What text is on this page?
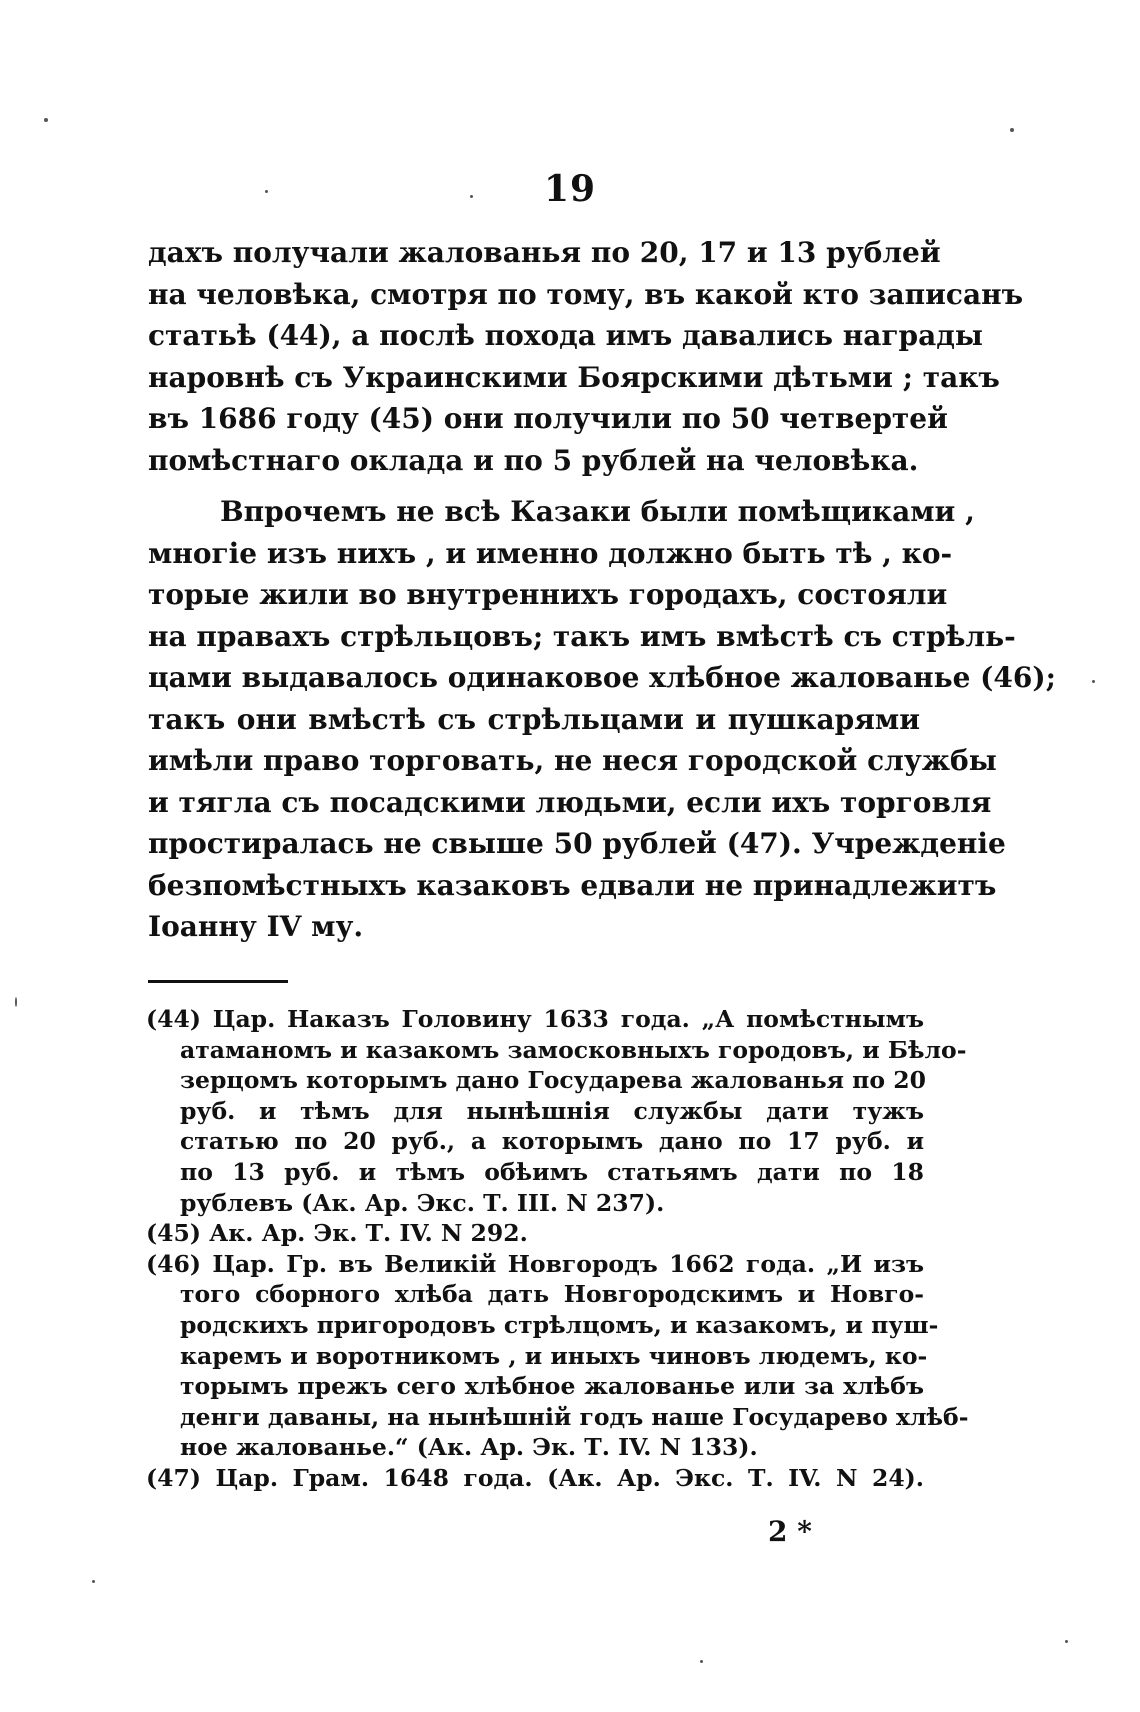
19
дахъ получали жалованья по 20, 17 и 13 рублей
на человѣка, смотря по тому, въ какой кто записанъ
статьѣ (44), а послѣ похода имъ давались награды
наровнѣ съ Украинскими Боярскими дѣтьми ; такъ
въ 1686 году (45) они получили по 50 четвертей
помѣстнаго оклада и по 5 рублей на человѣка.
Впрочемъ не всѣ Казаки были помѣщиками ,
многіе изъ нихъ , и именно должно быть тѣ , ко-
торые жили во внутреннихъ городахъ, состояли
на правахъ стрѣльцовъ; такъ имъ вмѣстѣ съ стрѣль-
цами выдавалось одинаковое хлѣбное жалованье (46);
такъ они вмѣстѣ съ стрѣльцами и пушкарями
имѣли право торговать, не неся городской службы
и тягла съ посадскими людьми, если ихъ торговля
простиралась не свыше 50 рублей (47). Учрежденіе
безпомѣстныхъ казаковъ едвали не принадлежитъ
Іоанну IV му.
(44) Цар. Наказъ Головину 1633 года. „А помѣстнымъ
атаманомъ и казакомъ замосковныхъ городовъ, и Бѣло-
зерцомъ которымъ дано Государева жалованья по 20
руб. и тѣмъ для нынѣшнія службы дати тужъ
статью по 20 руб., а которымъ дано по 17 руб. и
по 13 руб. и тѣмъ обѣимъ статьямъ дати по 18
рублевъ (Ак. Ар. Экс. Т. III. N 237).
(45) Ак. Ар. Эк. Т. IV. N 292.
(46) Цар. Гр. въ Великій Новгородъ 1662 года. „И изъ
того сборного хлѣба дать Новгородскимъ и Новго-
родскихъ пригородовъ стрѣлцомъ, и казакомъ, и пуш-
каремъ и воротникомъ , и иныхъ чиновъ людемъ, ко-
торымъ прежъ сего хлѣбное жалованье или за хлѣбъ
денги даваны, на нынѣшній годъ наше Государево хлѣб-
ное жалованье.“ (Ак. Ар. Эк. Т. IV. N 133).
(47) Цар. Грам. 1648 года. (Ак. Ар. Экс. Т. IV. N 24).
2 *
